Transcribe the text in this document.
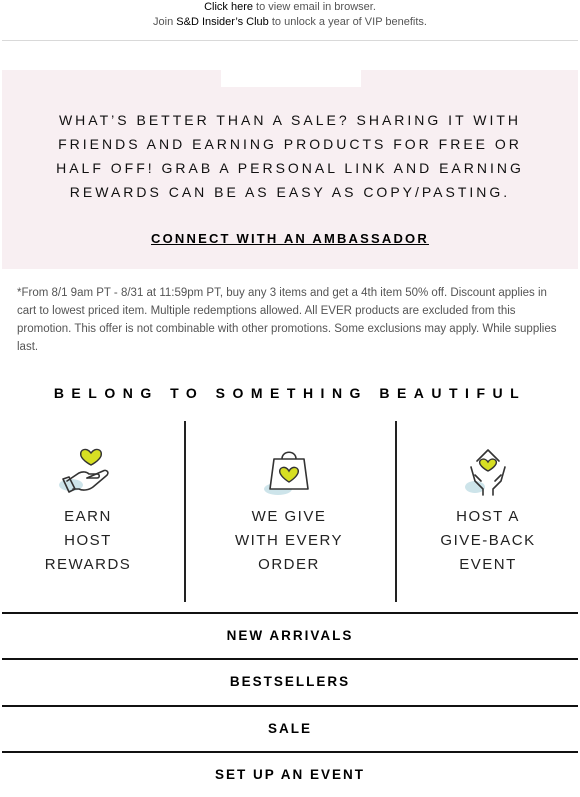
Click here to view email in browser.
Join S&D Insider’s Club to unlock a year of VIP benefits.
WHAT’S BETTER THAN A SALE? SHARING IT WITH FRIENDS AND EARNING PRODUCTS FOR FREE OR HALF OFF! GRAB A PERSONAL LINK AND EARNING REWARDS CAN BE AS EASY AS COPY/PASTING.
CONNECT WITH AN AMBASSADOR
*From 8/1 9am PT - 8/31 at 11:59pm PT, buy any 3 items and get a 4th item 50% off. Discount applies in cart to lowest priced item. Multiple redemptions allowed. All EVER products are excluded from this promotion. This offer is not combinable with other promotions. Some exclusions may apply. While supplies last.
BELONG TO SOMETHING BEAUTIFUL
EARN
HOST
REWARDS
WE GIVE
WITH EVERY
ORDER
HOST A
GIVE-BACK
EVENT
NEW ARRIVALS
BESTSELLERS
SALE
SET UP AN EVENT
